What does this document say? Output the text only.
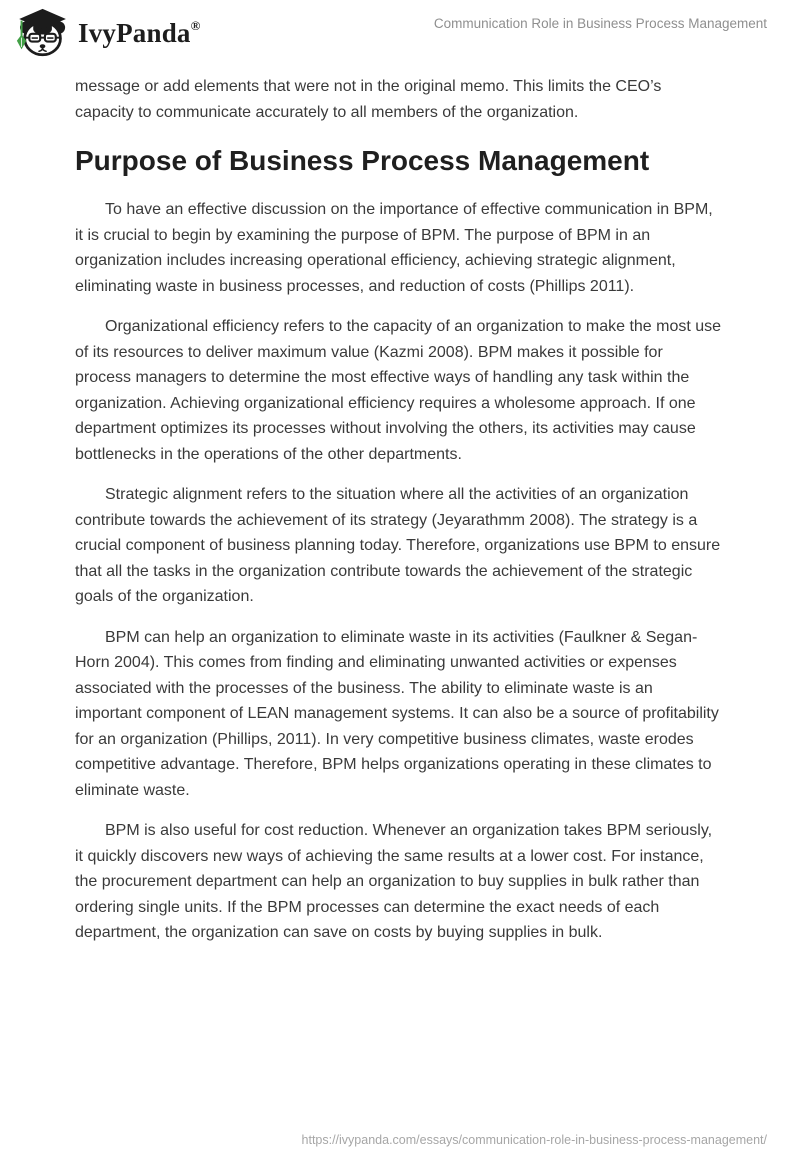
IvyPanda®	Communication Role in Business Process Management

message or add elements that were not in the original memo. This limits the CEO’s capacity to communicate accurately to all members of the organization.

Purpose of Business Process Management

To have an effective discussion on the importance of effective communication in BPM, it is crucial to begin by examining the purpose of BPM. The purpose of BPM in an organization includes increasing operational efficiency, achieving strategic alignment, eliminating waste in business processes, and reduction of costs (Phillips 2011).

Organizational efficiency refers to the capacity of an organization to make the most use of its resources to deliver maximum value (Kazmi 2008). BPM makes it possible for process managers to determine the most effective ways of handling any task within the organization. Achieving organizational efficiency requires a wholesome approach. If one department optimizes its processes without involving the others, its activities may cause bottlenecks in the operations of the other departments.

Strategic alignment refers to the situation where all the activities of an organization contribute towards the achievement of its strategy (Jeyarathmm 2008). The strategy is a crucial component of business planning today. Therefore, organizations use BPM to ensure that all the tasks in the organization contribute towards the achievement of the strategic goals of the organization.

BPM can help an organization to eliminate waste in its activities (Faulkner & Segan-Horn 2004). This comes from finding and eliminating unwanted activities or expenses associated with the processes of the business. The ability to eliminate waste is an important component of LEAN management systems. It can also be a source of profitability for an organization (Phillips, 2011). In very competitive business climates, waste erodes competitive advantage. Therefore, BPM helps organizations operating in these climates to eliminate waste.

BPM is also useful for cost reduction. Whenever an organization takes BPM seriously, it quickly discovers new ways of achieving the same results at a lower cost. For instance, the procurement department can help an organization to buy supplies in bulk rather than ordering single units. If the BPM processes can determine the exact needs of each department, the organization can save on costs by buying supplies in bulk.

https://ivypanda.com/essays/communication-role-in-business-process-management/
